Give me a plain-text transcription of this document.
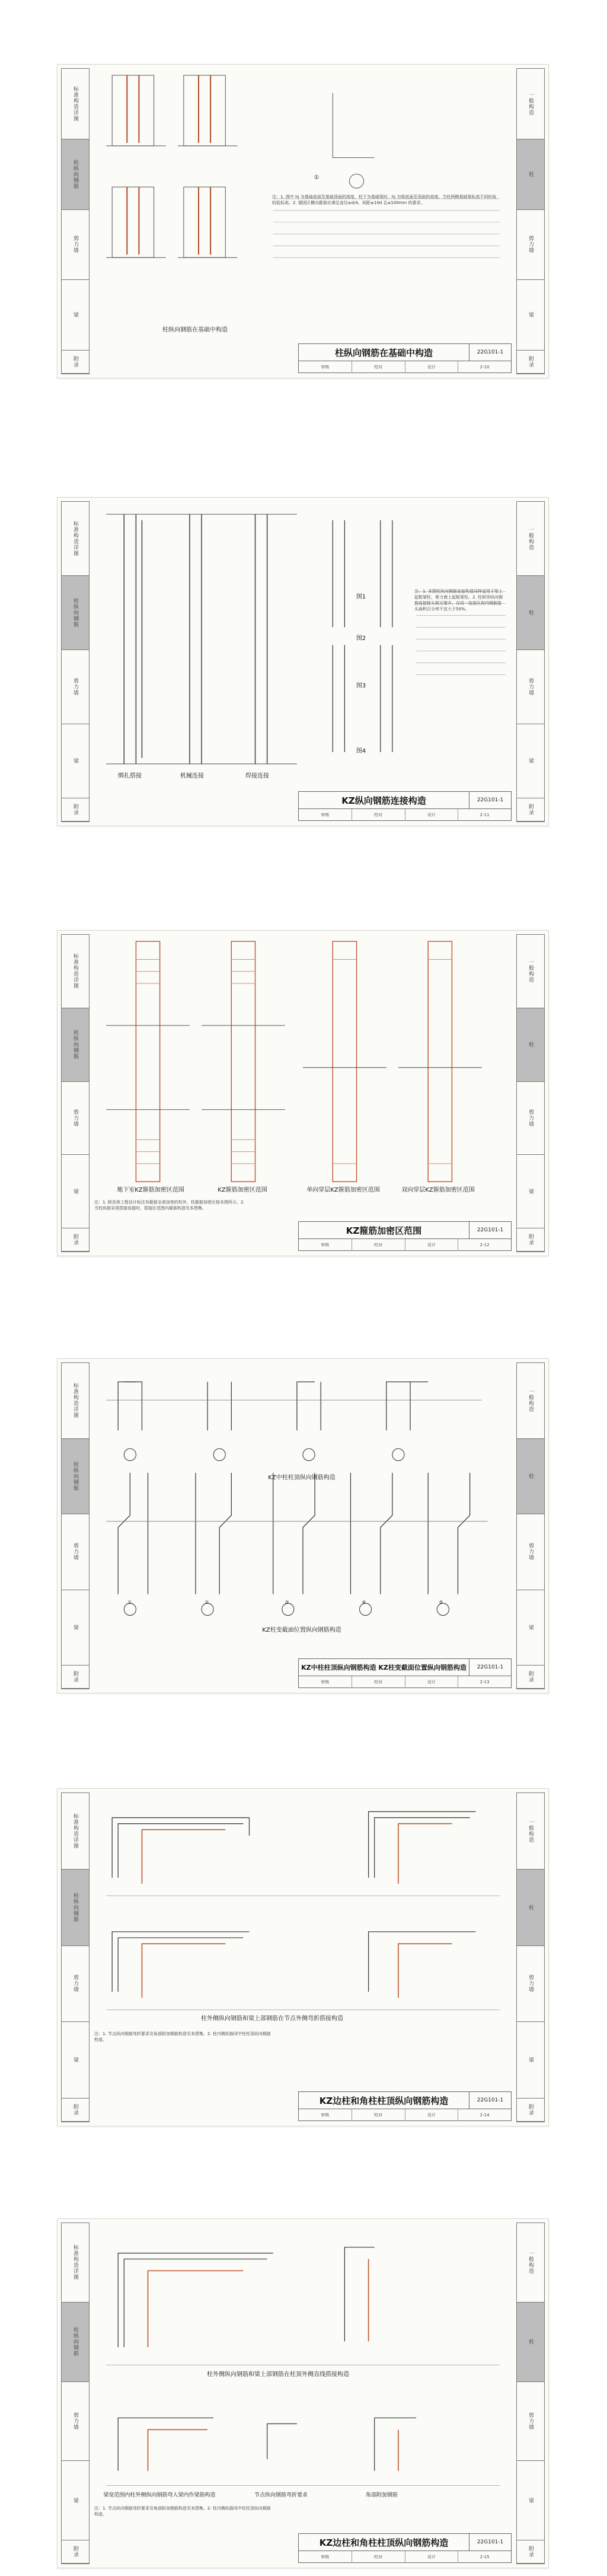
标准构造详图
柱纵向钢筋
剪力墙
梁
附录
一般构造
柱
剪力墙
梁
附录
①
柱纵向钢筋在基础中构造
注：1. 图中 hj 为基础底面至基础顶面的高度，柱下为基础梁时，hj 为梁底面至顶面的高度。当柱两侧基础梁标高不同时取较低标高。2. 锚固区横向箍筋应满足直径≥d/4，间距≤10d 且≤100mm 的要求。
柱纵向钢筋在基础中构造	22G101-1
审核	校对	设计	2-10
标准构造详图
柱纵向钢筋
剪力墙
梁
附录
一般构造
柱
剪力墙
梁
附录
绑扎搭接	机械连接	焊接连接
图1
图2
图3
图4
注：1. 本图柱纵向钢筋连接构造同样适用于梁上起框架柱、剪力墙上起框架柱。2. 柱相邻纵向钢筋连接接头相互错开。在同一连接区段内钢筋接头面积百分率不宜大于50%。
KZ纵向钢筋连接构造	22G101-1
审核	校对	设计	2-11
标准构造详图
柱纵向钢筋
剪力墙
梁
附录
一般构造
柱
剪力墙
梁
附录
地下室KZ箍筋加密区范围	KZ箍筋加密区范围	单向穿层KZ箍筋加密区范围	双向穿层KZ箍筋加密区范围
注：1. 除具体工程设计标注有箍筋全高加密的柱外，柱箍筋加密区按本图所示。2. 当柱纵筋采用搭接连接时，搭接区范围内箍筋构造见本图集。
KZ箍筋加密区范围	22G101-1
审核	校对	设计	2-12
标准构造详图
柱纵向钢筋
剪力墙
梁
附录
一般构造
柱
剪力墙
梁
附录
KZ中柱柱顶纵向钢筋构造
KZ柱变截面位置纵向钢筋构造
①	②	③	④	⑤
KZ中柱柱顶纵向钢筋构造 KZ柱变截面位置纵向钢筋构造	22G101-1
审核	校对	设计	2-13
标准构造详图
柱纵向钢筋
剪力墙
梁
附录
一般构造
柱
剪力墙
梁
附录
柱外侧纵向钢筋和梁上部钢筋在节点外侧弯折搭接构造
注：1. 节点纵向钢筋弯折要求及角部附加钢筋构造见本图集。2. 柱内侧纵筋同中柱柱顶纵向钢筋构造。
KZ边柱和角柱柱顶纵向钢筋构造	22G101-1
审核	校对	设计	2-14
标准构造详图
柱纵向钢筋
剪力墙
梁
附录
一般构造
柱
剪力墙
梁
附录
柱外侧纵向钢筋和梁上部钢筋在柱顶外侧直线搭接构造
梁宽范围内柱外侧纵向钢筋弯入梁内作梁筋构造	节点纵向钢筋弯折要求	角部附加钢筋
注：1. 节点纵向钢筋弯折要求及角部附加钢筋构造见本图集。2. 柱内侧纵筋同中柱柱顶纵向钢筋构造。
KZ边柱和角柱柱顶纵向钢筋构造	22G101-1
审核	校对	设计	2-15
